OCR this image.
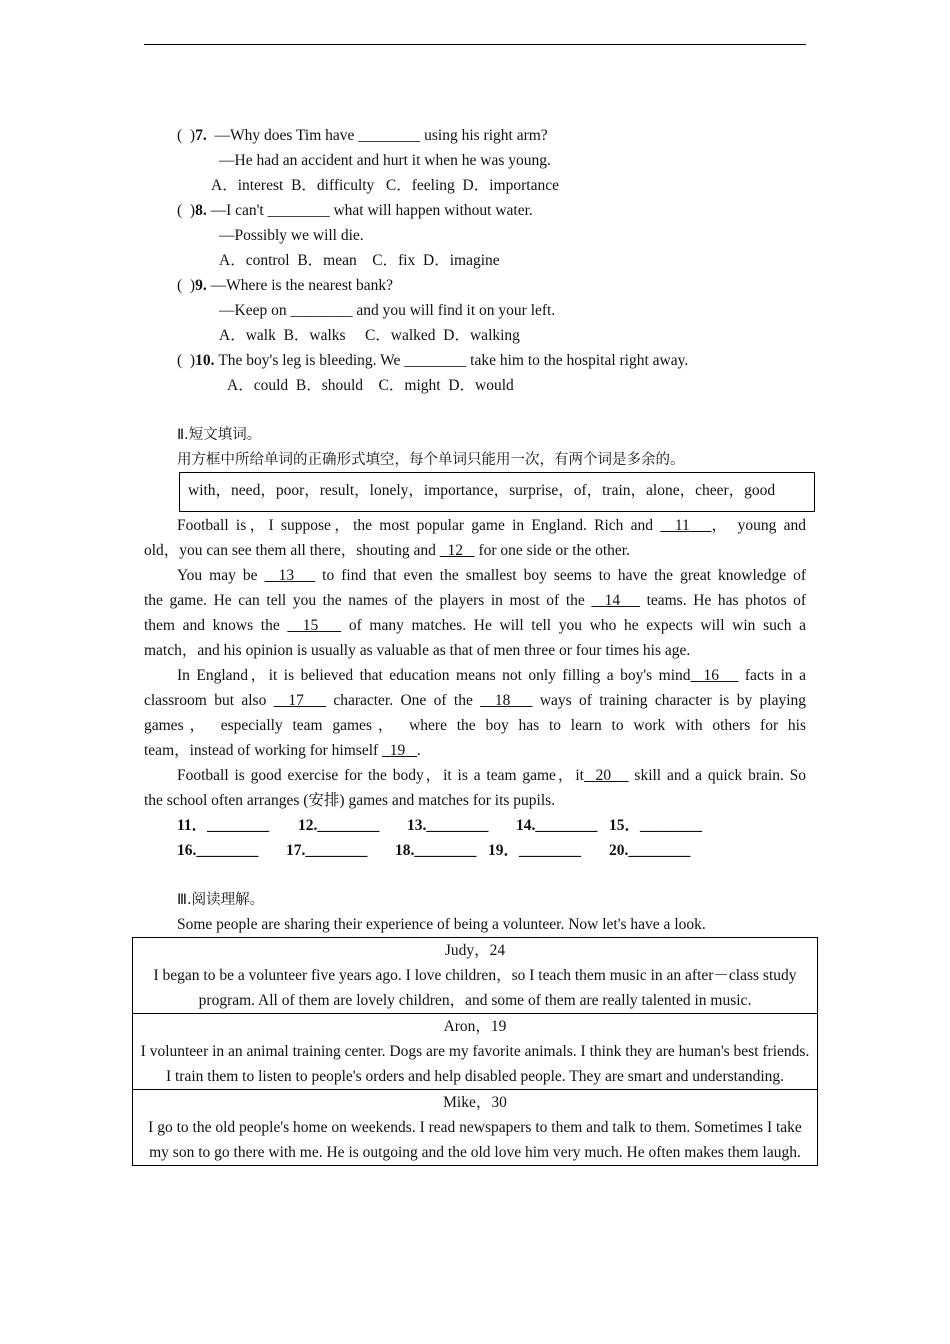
(  )7. —Why does Tim have ________ using his right arm?
—He had an accident and hurt it when he was young.
A．interest  B．difficulty   C．feeling  D．importance
(  )8. —I can't ________ what will happen without water.
—Possibly we will die.
A．control  B．mean    C．fix  D．imagine
(  )9. —Where is the nearest bank?
—Keep on ________ and you will find it on your left.
A．walk  B．walks     C．walked  D．walking
(  )10. The boy's leg is bleeding. We ________ take him to the hospital right away.
A．could  B．should    C．might  D．would
Ⅱ.短文填词。
用方框中所给单词的正确形式填空，每个单词只能用一次，有两个词是多余的。
with，need，poor，result，lonely，importance，surprise，of，train，alone，cheer，good
Football is，I suppose，the most popular game in England. Rich and   11 ， young and
old，you can see them all there，shouting and   12    for one side or the other.
You may be   13    to find that even the smallest boy seems to have the great knowledge of
the game. He can tell you the names of the players in most of the   14    teams. He has photos of
them and knows the   15    of many matches. He will tell you who he expects will win such a
match，and his opinion is usually as valuable as that of men three or four times his age.
In England，it is believed that education means not only filling a boy's mind 16    facts in a
classroom but also   17    character. One of the   18    ways of training character is by playing
games， especially team games， where the boy has to learn to work with others for his
team，instead of working for himself   19 .
Football is good exercise for the body，it is a team game，it 20    skill and a quick brain. So
the school often arranges (安排) games and matches for its pupils.
11．________ 12.________ 13.________ 14.________ 15．________
16.________ 17.________ 18.________ 19．________ 20.________
Ⅲ.阅读理解。
Some people are sharing their experience of being a volunteer. Now let's have a look.
Judy，24
I began to be a volunteer five years ago. I love children，so I teach them music in an after－class study program. All of them are lovely children，and some of them are really talented in music.

Aron，19
I volunteer in an animal training center. Dogs are my favorite animals. I think they are human's best friends. I train them to listen to people's orders and help disabled people. They are smart and understanding.

Mike，30
I go to the old people's home on weekends. I read newspapers to them and talk to them. Sometimes I take my son to go there with me. He is outgoing and the old love him very much. He often makes them laugh.
